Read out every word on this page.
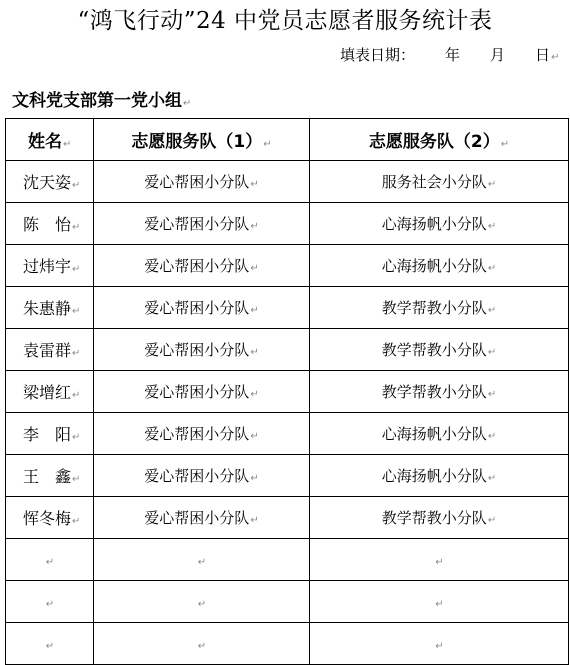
“鸿飞行动”24 中党员志愿者服务统计表
填表日期： 年 月 日↵
文科党支部第一党小组↵
姓名↵	志愿服务队（1）↵	志愿服务队（2）↵
沈天姿↵	爱心帮困小分队↵	服务社会小分队↵
陈　怡↵	爱心帮困小分队↵	心海扬帆小分队↵
过炜宇↵	爱心帮困小分队↵	心海扬帆小分队↵
朱惠静↵	爱心帮困小分队↵	教学帮教小分队↵
袁雷群↵	爱心帮困小分队↵	教学帮教小分队↵
梁增红↵	爱心帮困小分队↵	教学帮教小分队↵
李　阳↵	爱心帮困小分队↵	心海扬帆小分队↵
王　鑫↵	爱心帮困小分队↵	心海扬帆小分队↵
恽冬梅↵	爱心帮困小分队↵	教学帮教小分队↵
↵	↵	↵
↵	↵	↵
↵	↵	↵
